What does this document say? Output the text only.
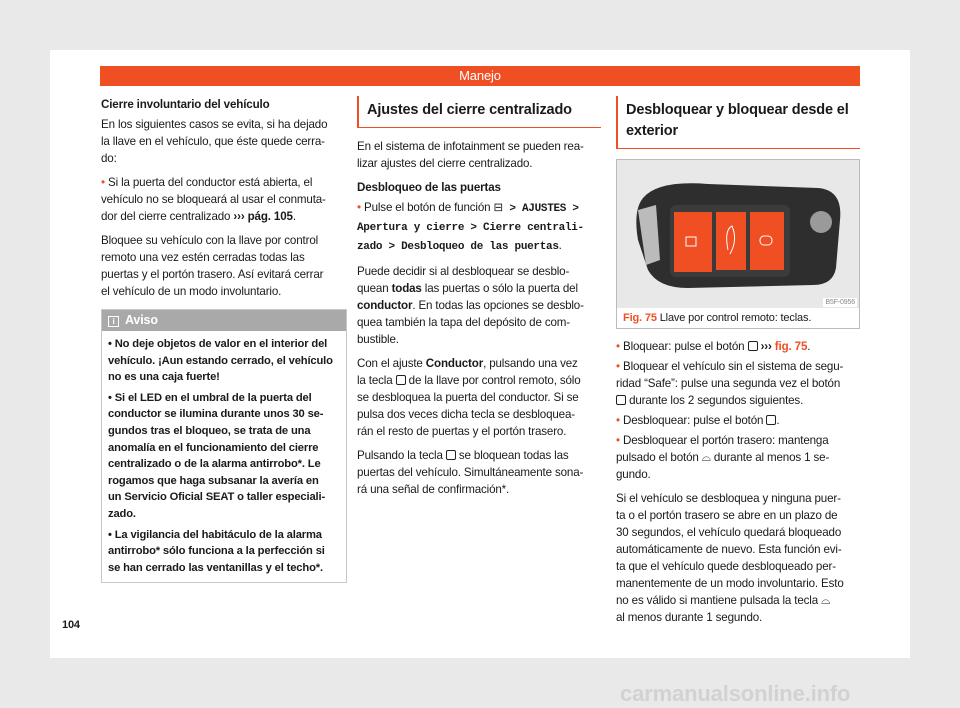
Manejo

Cierre involuntario del vehículo

En los siguientes casos se evita, si ha dejado
la llave en el vehículo, que éste quede cerra-
do:

• Si la puerta del conductor está abierta, el
vehículo no se bloqueará al usar el conmuta-
dor del cierre centralizado ››› pág. 105.

Bloquee su vehículo con la llave por control
remoto una vez estén cerradas todas las
puertas y el portón trasero. Así evitará cerrar
el vehículo de un modo involuntario.

i Aviso

• No deje objetos de valor en el interior del
vehículo. ¡Aun estando cerrado, el vehículo
no es una caja fuerte!

• Si el LED en el umbral de la puerta del
conductor se ilumina durante unos 30 se-
gundos tras el bloqueo, se trata de una
anomalía en el funcionamiento del cierre
centralizado o de la alarma antirrobo*. Le
rogamos que haga subsanar la avería en
un Servicio Oficial SEAT o taller especiali-
zado.

• La vigilancia del habitáculo de la alarma
antirrobo* sólo funciona a la perfección si
se han cerrado las ventanillas y el techo*.

Ajustes del cierre centralizado

En el sistema de infotainment se pueden rea-
lizar ajustes del cierre centralizado.

Desbloqueo de las puertas

• Pulse el botón de función ⊟ > AJUSTES >
Apertura y cierre > Cierre centrali-
zado > Desbloqueo de las puertas.

Puede decidir si al desbloquear se desblo-
quean todas las puertas o sólo la puerta del
conductor. En todas las opciones se desblo-
quea también la tapa del depósito de com-
bustible.

Con el ajuste Conductor, pulsando una vez
la tecla  de la llave por control remoto, sólo
se desbloquea la puerta del conductor. Si se
pulsa dos veces dicha tecla se desbloquea-
rán el resto de puertas y el portón trasero.

Pulsando la tecla  se bloquean todas las
puertas del vehículo. Simultáneamente sona-
rá una señal de confirmación*.

Desbloquear y bloquear desde el
exterior
B5F-0956
Fig. 75 Llave por control remoto: teclas.

• Bloquear: pulse el botón  ››› fig. 75.

• Bloquear el vehículo sin el sistema de segu-
ridad “Safe”: pulse una segunda vez el botón
durante los 2 segundos siguientes.

• Desbloquear: pulse el botón .

• Desbloquear el portón trasero: mantenga
pulsado el botón ⌓ durante al menos 1 se-
gundo.

Si el vehículo se desbloquea y ninguna puer-
ta o el portón trasero se abre en un plazo de
30 segundos, el vehículo quedará bloqueado
automáticamente de nuevo. Esta función evi-
ta que el vehículo quede desbloqueado per-
manentemente de un modo involuntario. Esto
no es válido si mantiene pulsada la tecla ⌓
al menos durante 1 segundo.

104
carmanualsonline.info
